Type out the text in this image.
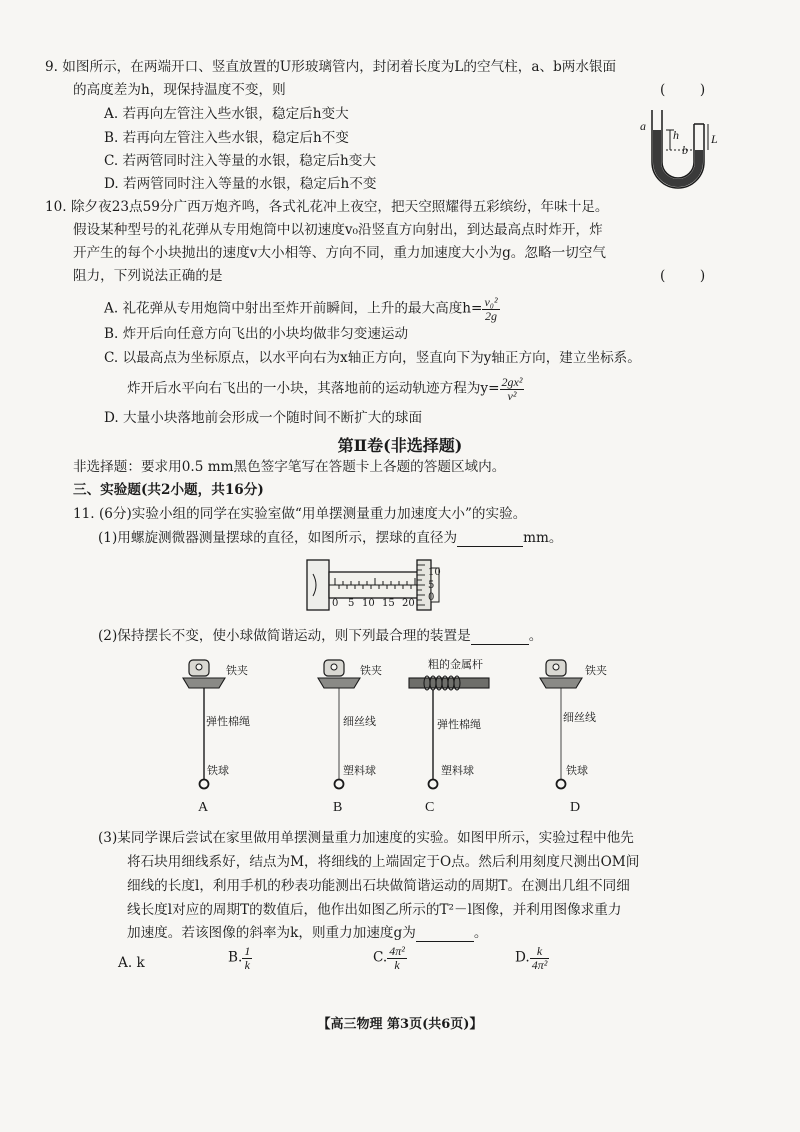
9. 如图所示，在两端开口、竖直放置的U形玻璃管内，封闭着长度为L的空气柱，a、b两水银面
的高度差为h，现保持温度不变，则	(        )
A. 若再向左管注入些水银，稳定后h变大
B. 若再向左管注入些水银，稳定后h不变
C. 若两管同时注入等量的水银，稳定后h变大
D. 若两管同时注入等量的水银，稳定后h不变
a
h
b
L
10. 除夕夜23点59分广西万炮齐鸣，各式礼花冲上夜空，把天空照耀得五彩缤纷，年味十足。
假设某种型号的礼花弹从专用炮筒中以初速度v₀沿竖直方向射出，到达最高点时炸开，炸
开产生的每个小块抛出的速度v大小相等、方向不同，重力加速度大小为g。忽略一切空气
阻力，下列说法正确的是	(        )
A. 礼花弹从专用炮筒中射出至炸开前瞬间，上升的最大高度$h= \frac{\text{v₀²}}{2g}$
B. 炸开后向任意方向飞出的小块均做非匀变速运动
C. 以最高点为坐标原点，以水平向右为x轴正方向，竖直向下为y轴正方向，建立坐标系。
炸开后水平向右飞出的一小块，其落地前的运动轨迹方程为$y= \frac{\text{2gx²}}{\text{v²}}$
D. 大量小块落地前会形成一个随时间不断扩大的球面
第Ⅱ卷(非选择题)
非选择题：要求用0.5 mm黑色签字笔写在答题卡上各题的答题区域内。
三、实验题(共2小题，共16分)
11. (6分)实验小组的同学在实验室做“用单摆测量重力加速度大小”的实验。
(1)用螺旋测微器测量摆球的直径，如图所示，摆球的直径为	mm。
0 5 10 15 20
10
5
0
(2)保持摆长不变，使小球做简谐运动，则下列最合理的装置是	。
铁夹
弹性棉绳
铁球
A
铁夹
细丝线
塑料球
B
粗的金属杆
弹性棉绳
塑料球
C
铁夹
细丝线
铁球
D
(3)某同学课后尝试在家里做用单摆测量重力加速度的实验。如图甲所示，实验过程中他先
将石块用细线系好，结点为M，将细线的上端固定于O点。然后利用刻度尺测出OM间
细线的长度l，利用手机的秒表功能测出石块做简谐运动的周期T。在测出几组不同细
线长度l对应的周期T的数值后，他作出如图乙所示的T²－l图像，并利用图像求重力
加速度。若该图像的斜率为k，则重力加速度g为	。
A. k	B. $\frac{1}{k}$	C. $\frac{\text{4π²}}{k}$	D. $\frac{k}{\text{4π²}}$
【高三物理 第3页(共6页)】
